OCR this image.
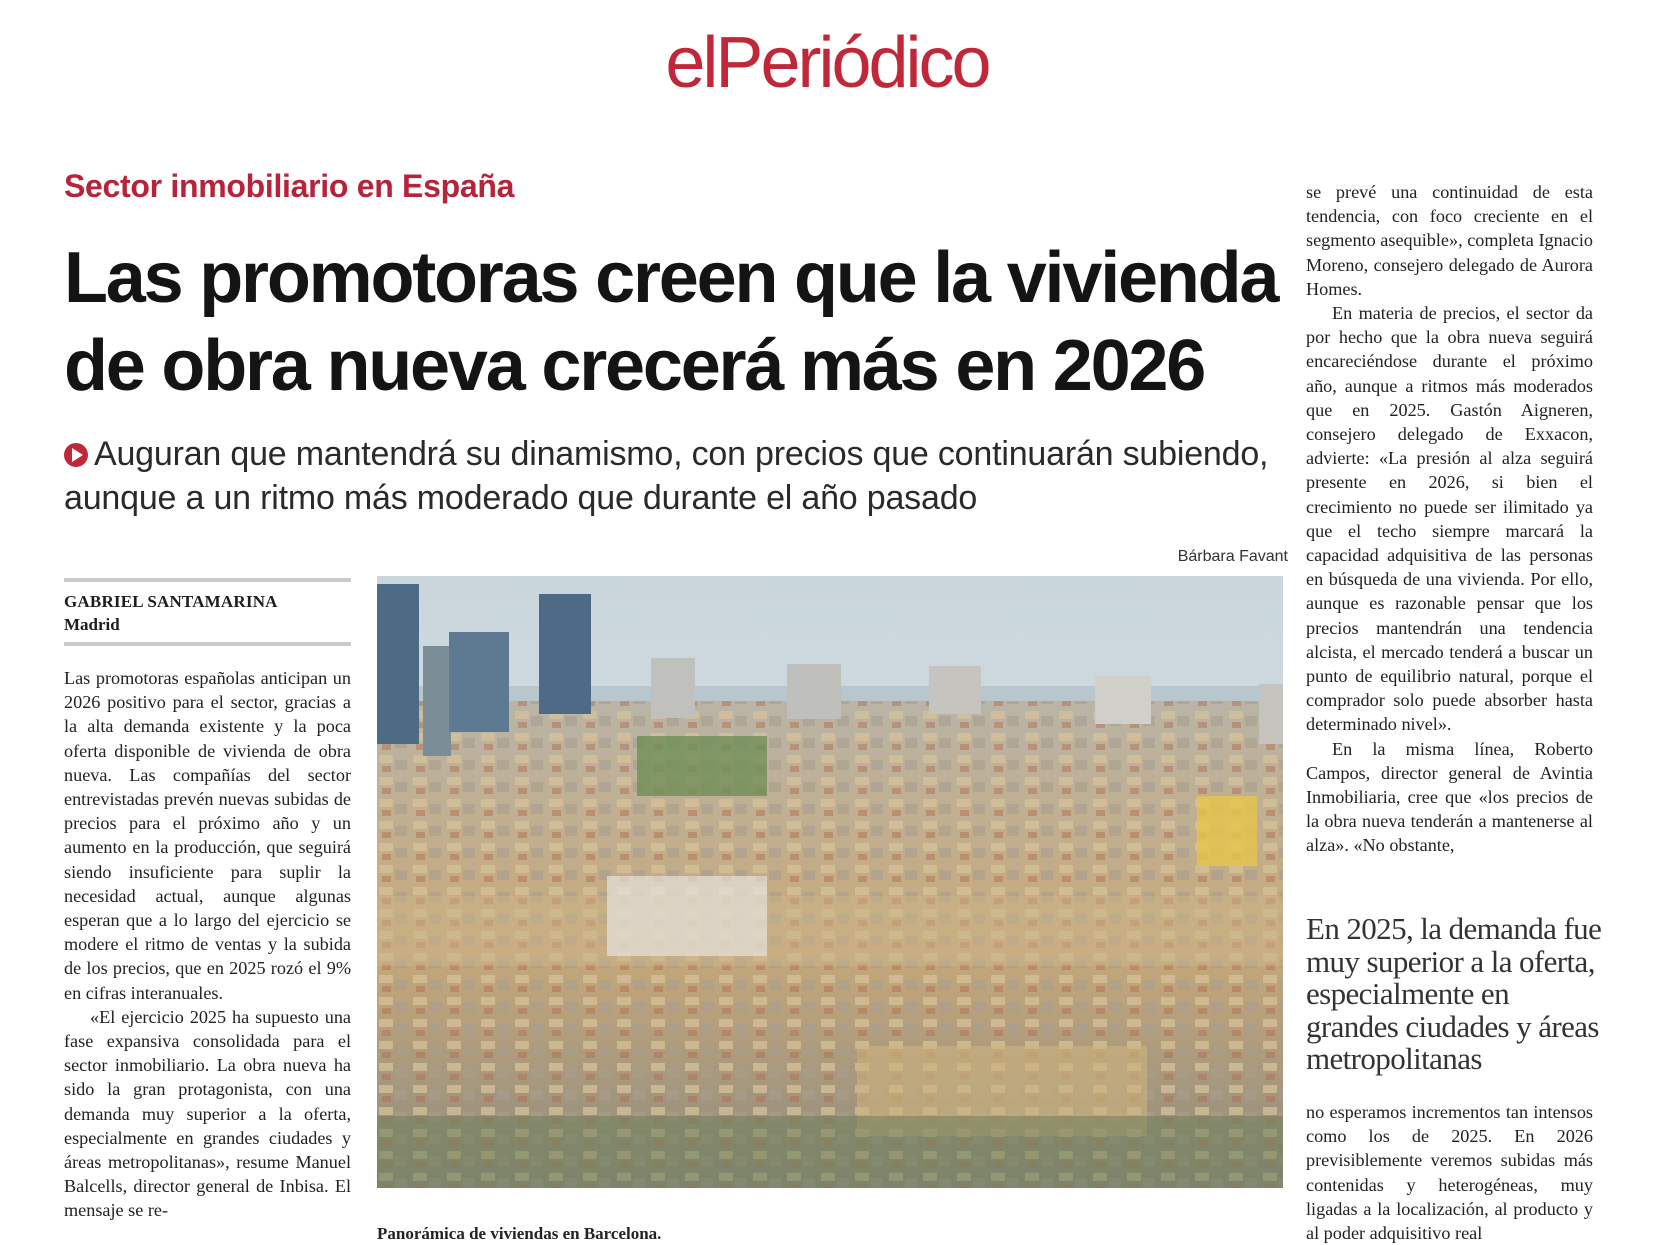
elPeriódico
Sector inmobiliario en España
Las promotoras creen que la vivienda de obra nueva crecerá más en 2026

Auguran que mantendrá su dinamismo, con precios que continuarán subiendo, aunque a un ritmo más moderado que durante el año pasado

Bárbara Favant
GABRIEL SANTAMARINA
Madrid

Las promotoras españolas anticipan un 2026 positivo para el sector, gracias a la alta demanda existente y la poca oferta disponible de vivienda de obra nueva. Las compañías del sector entrevistadas prevén nuevas subidas de precios para el próximo año y un aumento en la producción, que seguirá siendo insuficiente para suplir la necesidad actual, aunque algunas esperan que a lo largo del ejercicio se modere el ritmo de ventas y la subida de los precios, que en 2025 rozó el 9% en cifras interanuales.

«El ejercicio 2025 ha supuesto una fase expansiva consolidada para el sector inmobiliario. La obra nueva ha sido la gran protagonista, con una demanda muy superior a la oferta, especialmente en grandes ciudades y áreas metropolitanas», resume Manuel Balcells, director general de Inbisa. El mensaje se re-

Panorámica de viviendas en Barcelona.

se prevé una continuidad de esta tendencia, con foco creciente en el segmento asequible», completa Ignacio Moreno, consejero delegado de Aurora Homes.

En materia de precios, el sector da por hecho que la obra nueva seguirá encareciéndose durante el próximo año, aunque a ritmos más moderados que en 2025. Gastón Aigneren, consejero delegado de Exxacon, advierte: «La presión al alza seguirá presente en 2026, si bien el crecimiento no puede ser ilimitado ya que el techo siempre marcará la capacidad adquisitiva de las personas en búsqueda de una vivienda. Por ello, aunque es razonable pensar que los precios mantendrán una tendencia alcista, el mercado tenderá a buscar un punto de equilibrio natural, porque el comprador solo puede absorber hasta determinado nivel».

En la misma línea, Roberto Campos, director general de Avintia Inmobiliaria, cree que «los precios de la obra nueva tenderán a mantenerse al alza». «No obstante,

En 2025, la demanda fue muy superior a la oferta, especialmente en grandes ciudades y áreas metropolitanas

no esperamos incrementos tan intensos como los de 2025. En 2026 previsiblemente veremos subidas más contenidas y heterogéneas, muy ligadas a la localización, al producto y al poder adquisitivo real
